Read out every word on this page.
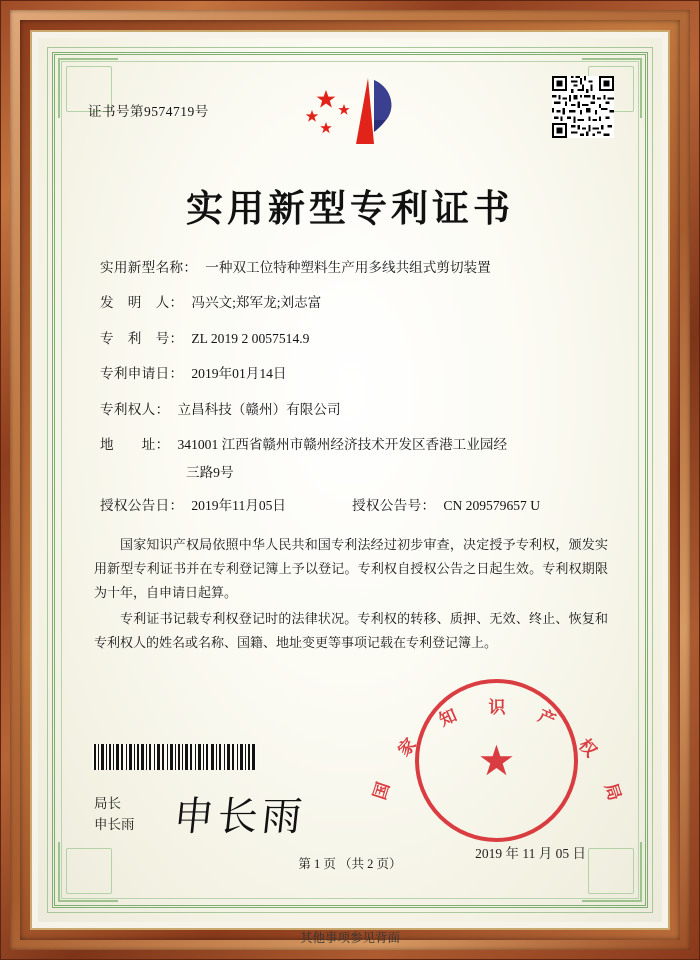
证书号第9574719号
实用新型专利证书
实用新型名称： 一种双工位特种塑料生产用多线共组式剪切装置
发　明　人： 冯兴文;郑军龙;刘志富
专　利　号： ZL 2019 2 0057514.9
专利申请日： 2019年01月14日
专利权人： 立昌科技（赣州）有限公司
地　　址： 341001 江西省赣州市赣州经济技术开发区香港工业园经
三路9号
授权公告日： 2019年11月05日	授权公告号： CN 209579657 U

国家知识产权局依照中华人民共和国专利法经过初步审查，决定授予专利权，颁发实用新型专利证书并在专利登记簿上予以登记。专利权自授权公告之日起生效。专利权期限为十年，自申请日起算。

专利证书记载专利权登记时的法律状况。专利权的转移、质押、无效、终止、恢复和专利权人的姓名或名称、国籍、地址变更等事项记载在专利登记簿上。

局长
申长雨 申长雨
国
家
知 识 产
权
局
★
2019 年 11 月 05 日
第 1 页 （共 2 页）
其他事项参见背面
